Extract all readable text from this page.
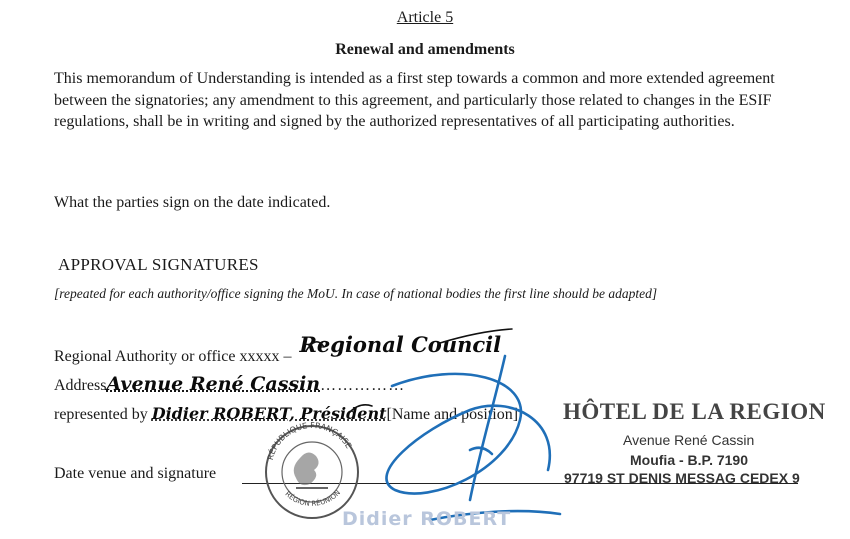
Article 5
Renewal and amendments
This memorandum of Understanding is intended as a first step towards a common and more extended agreement between the signatories; any amendment to this agreement, and particularly those related to changes in the ESIF regulations, shall be in writing and signed by the authorized representatives of all participating authorities.
What the parties sign on the date indicated.
APPROVAL SIGNATURES
[repeated for each authority/office signing the MoU. In case of national bodies the first line should be adapted]
Regional Authority or office xxxxx – Regional Council
AddressAvenue René Cassin……………
represented by Didier ROBERT, Président[Name and position]
Date venue and signature
HÔTEL DE LA REGION
Avenue René Cassin
Moufia - B.P. 7190
97719 ST DENIS MESSAG CEDEX 9
RÉPUBLIQUE FRANÇAISE
RÉGION RÉUNION
Didier ROBERT
